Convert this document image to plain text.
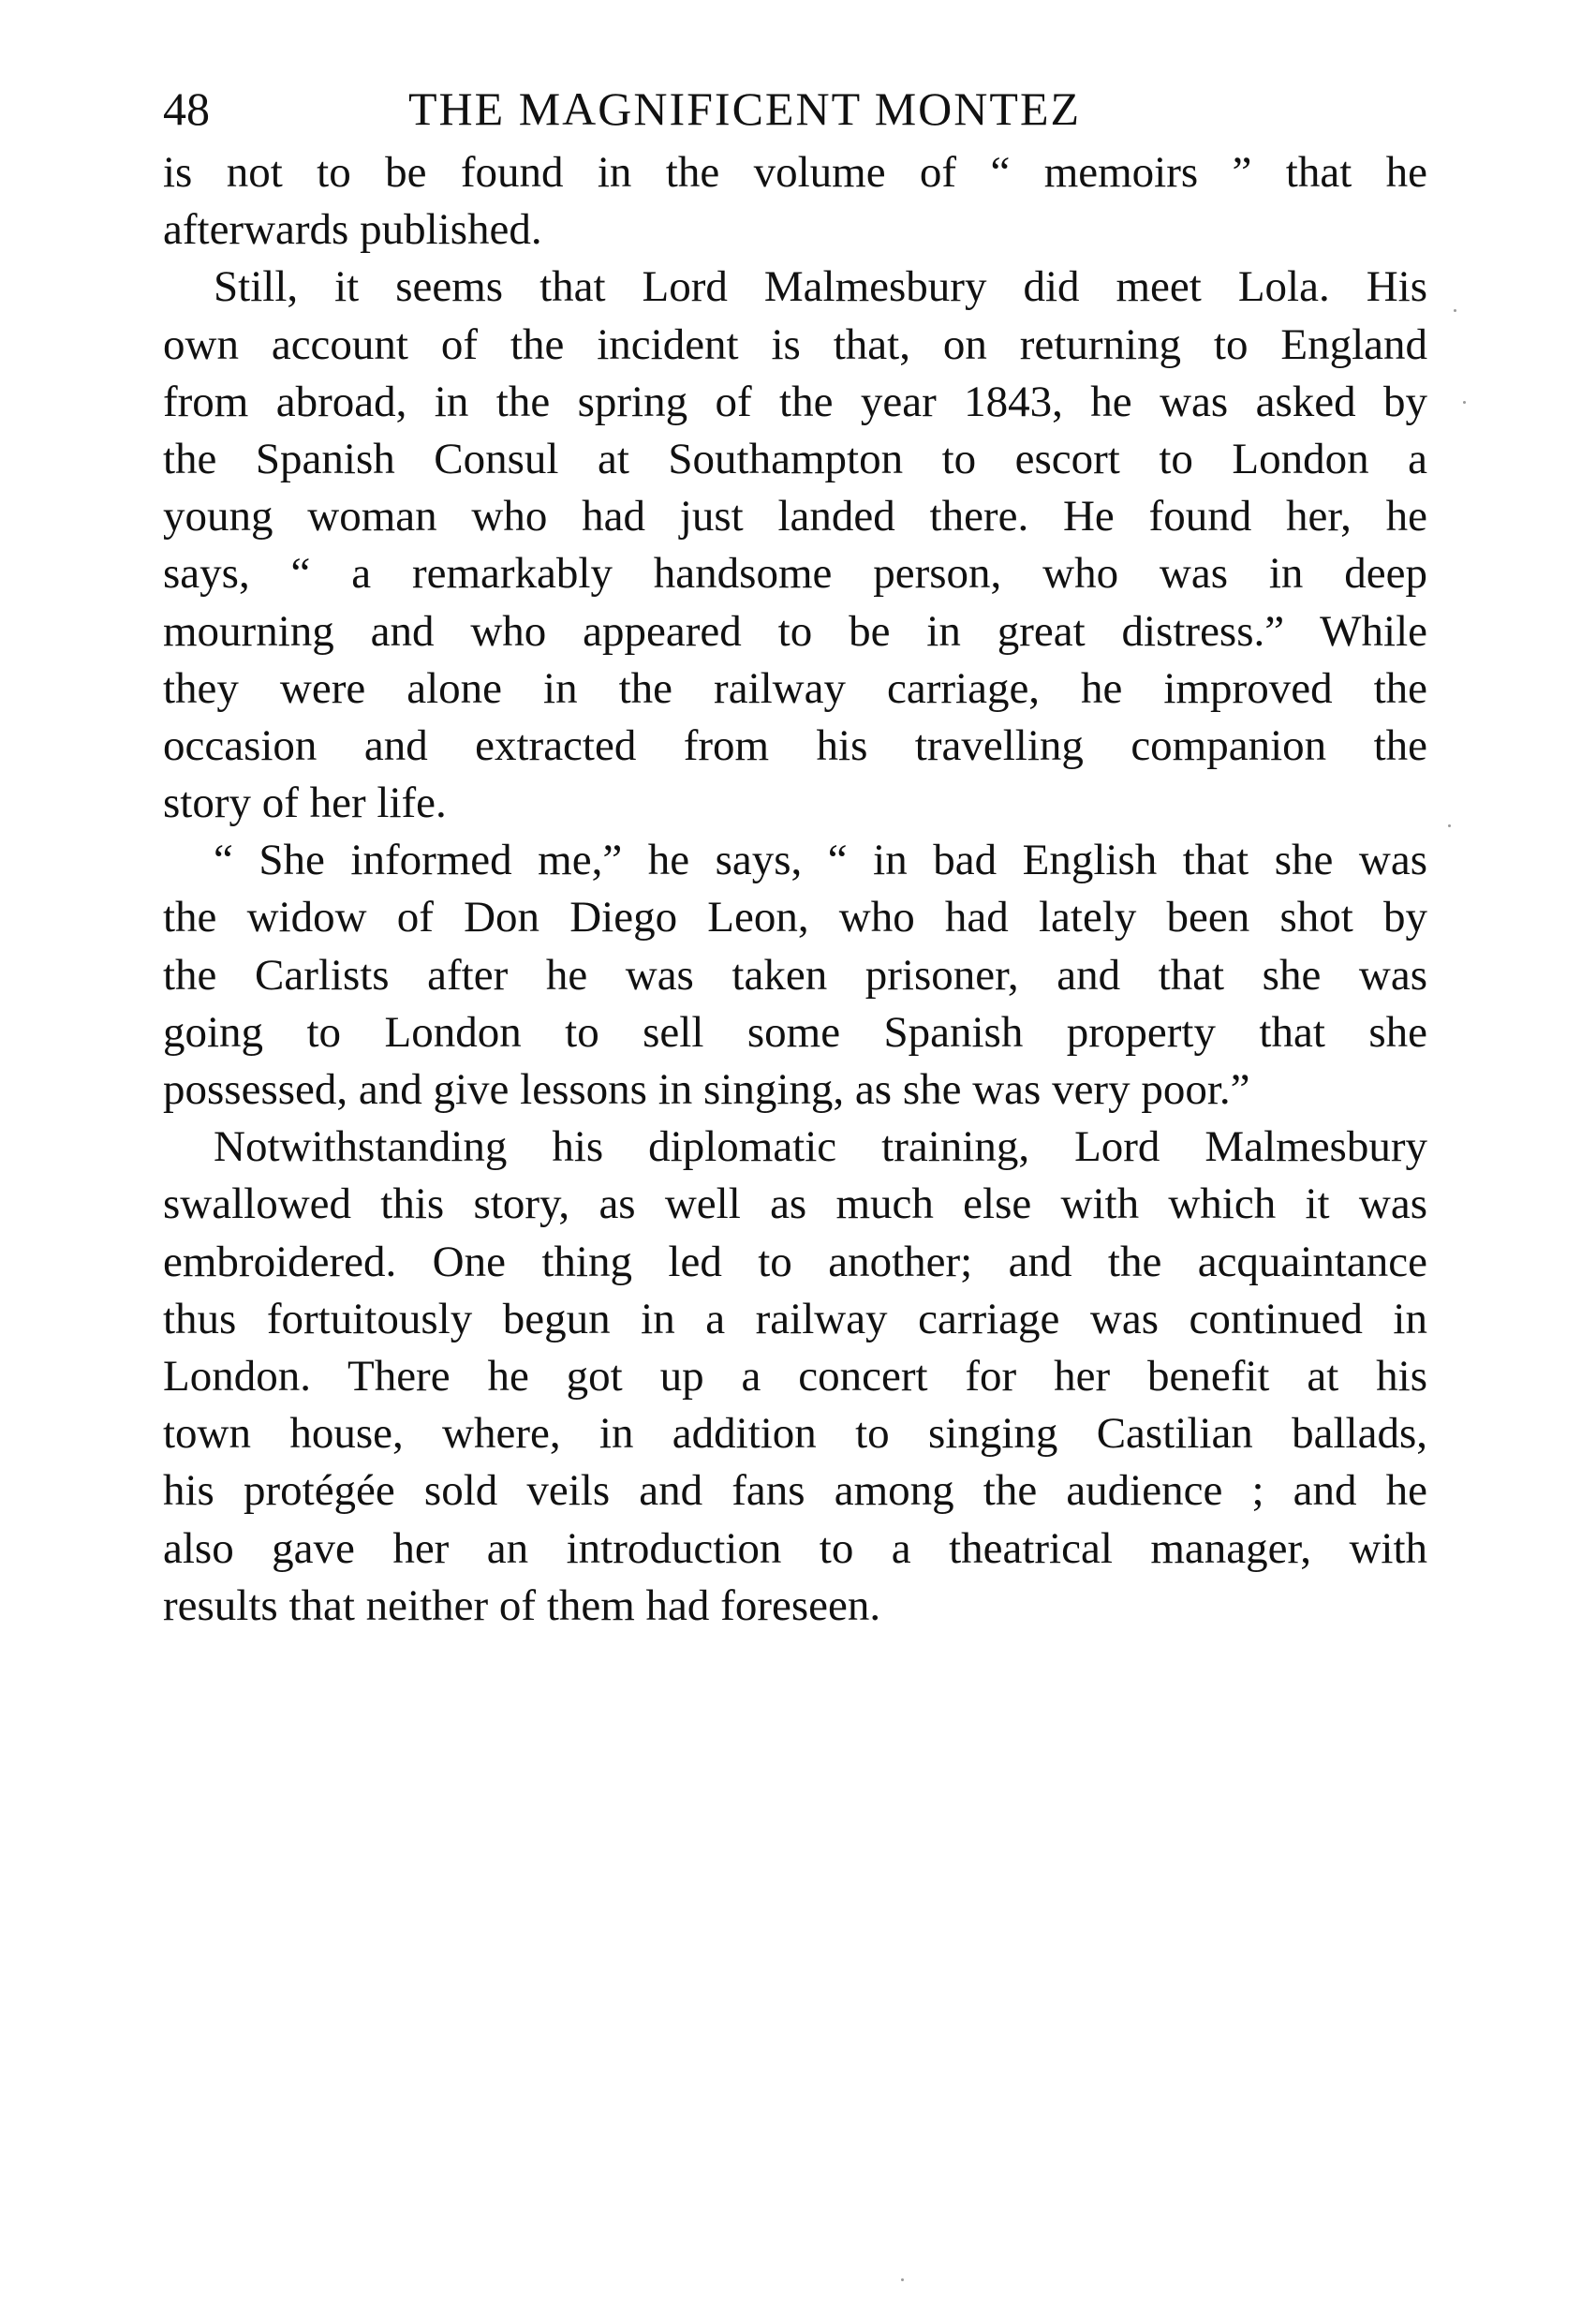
48	THE MAGNIFICENT MONTEZ
is not to be found in the volume of “ memoirs ” that he
afterwards published.
Still, it seems that Lord Malmesbury did meet Lola. His
own account of the incident is that, on returning to England
from abroad, in the spring of the year 1843, he was asked by
the Spanish Consul at Southampton to escort to London a
young woman who had just landed there. He found her, he
says, “ a remarkably handsome person, who was in deep
mourning and who appeared to be in great distress.” While
they were alone in the railway carriage, he improved the
occasion and extracted from his travelling companion the
story of her life.
“ She informed me,” he says, “ in bad English that she was
the widow of Don Diego Leon, who had lately been shot by
the Carlists after he was taken prisoner, and that she was
going to London to sell some Spanish property that she
possessed, and give lessons in singing, as she was very poor.”
Notwithstanding his diplomatic training, Lord Malmesbury
swallowed this story, as well as much else with which it was
embroidered. One thing led to another; and the acquaintance
thus fortuitously begun in a railway carriage was continued in
London. There he got up a concert for her benefit at his
town house, where, in addition to singing Castilian ballads,
his protégée sold veils and fans among the audience ; and he
also gave her an introduction to a theatrical manager, with
results that neither of them had foreseen.
